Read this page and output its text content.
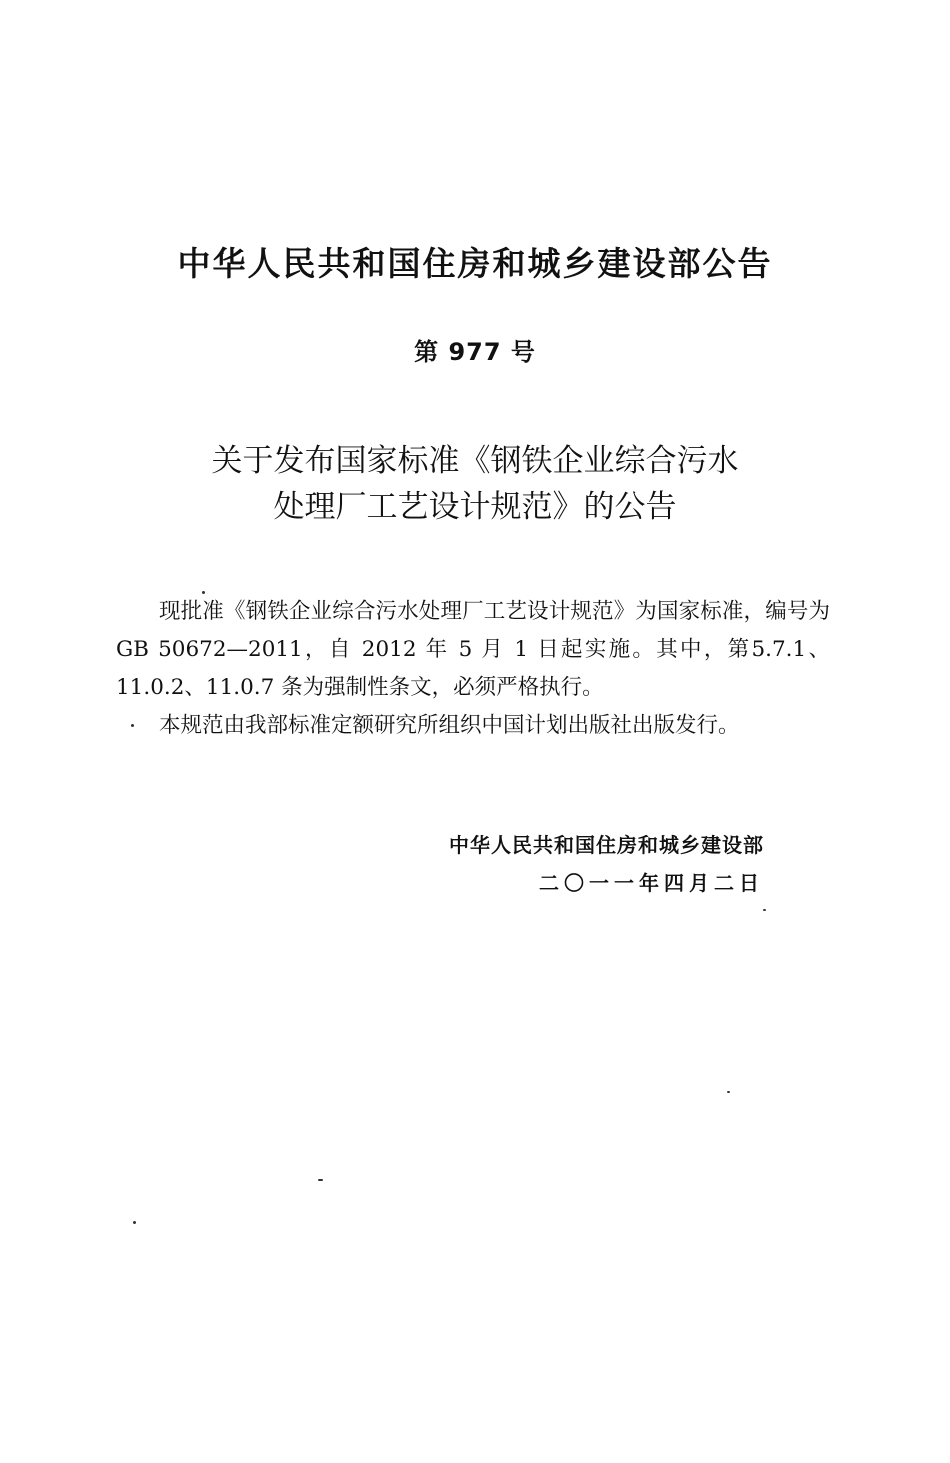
中华人民共和国住房和城乡建设部公告
第 977 号
关于发布国家标准《钢铁企业综合污水
处理厂工艺设计规范》的公告

现批准《钢铁企业综合污水处理厂工艺设计规范》为国家标准，编号为GB 50672—2011，自 2012 年 5 月 1 日起实施。其中，第5.7.1、11.0.2、11.0.7 条为强制性条文，必须严格执行。

本规范由我部标准定额研究所组织中国计划出版社出版发行。

中华人民共和国住房和城乡建设部
二〇一一年四月二日
